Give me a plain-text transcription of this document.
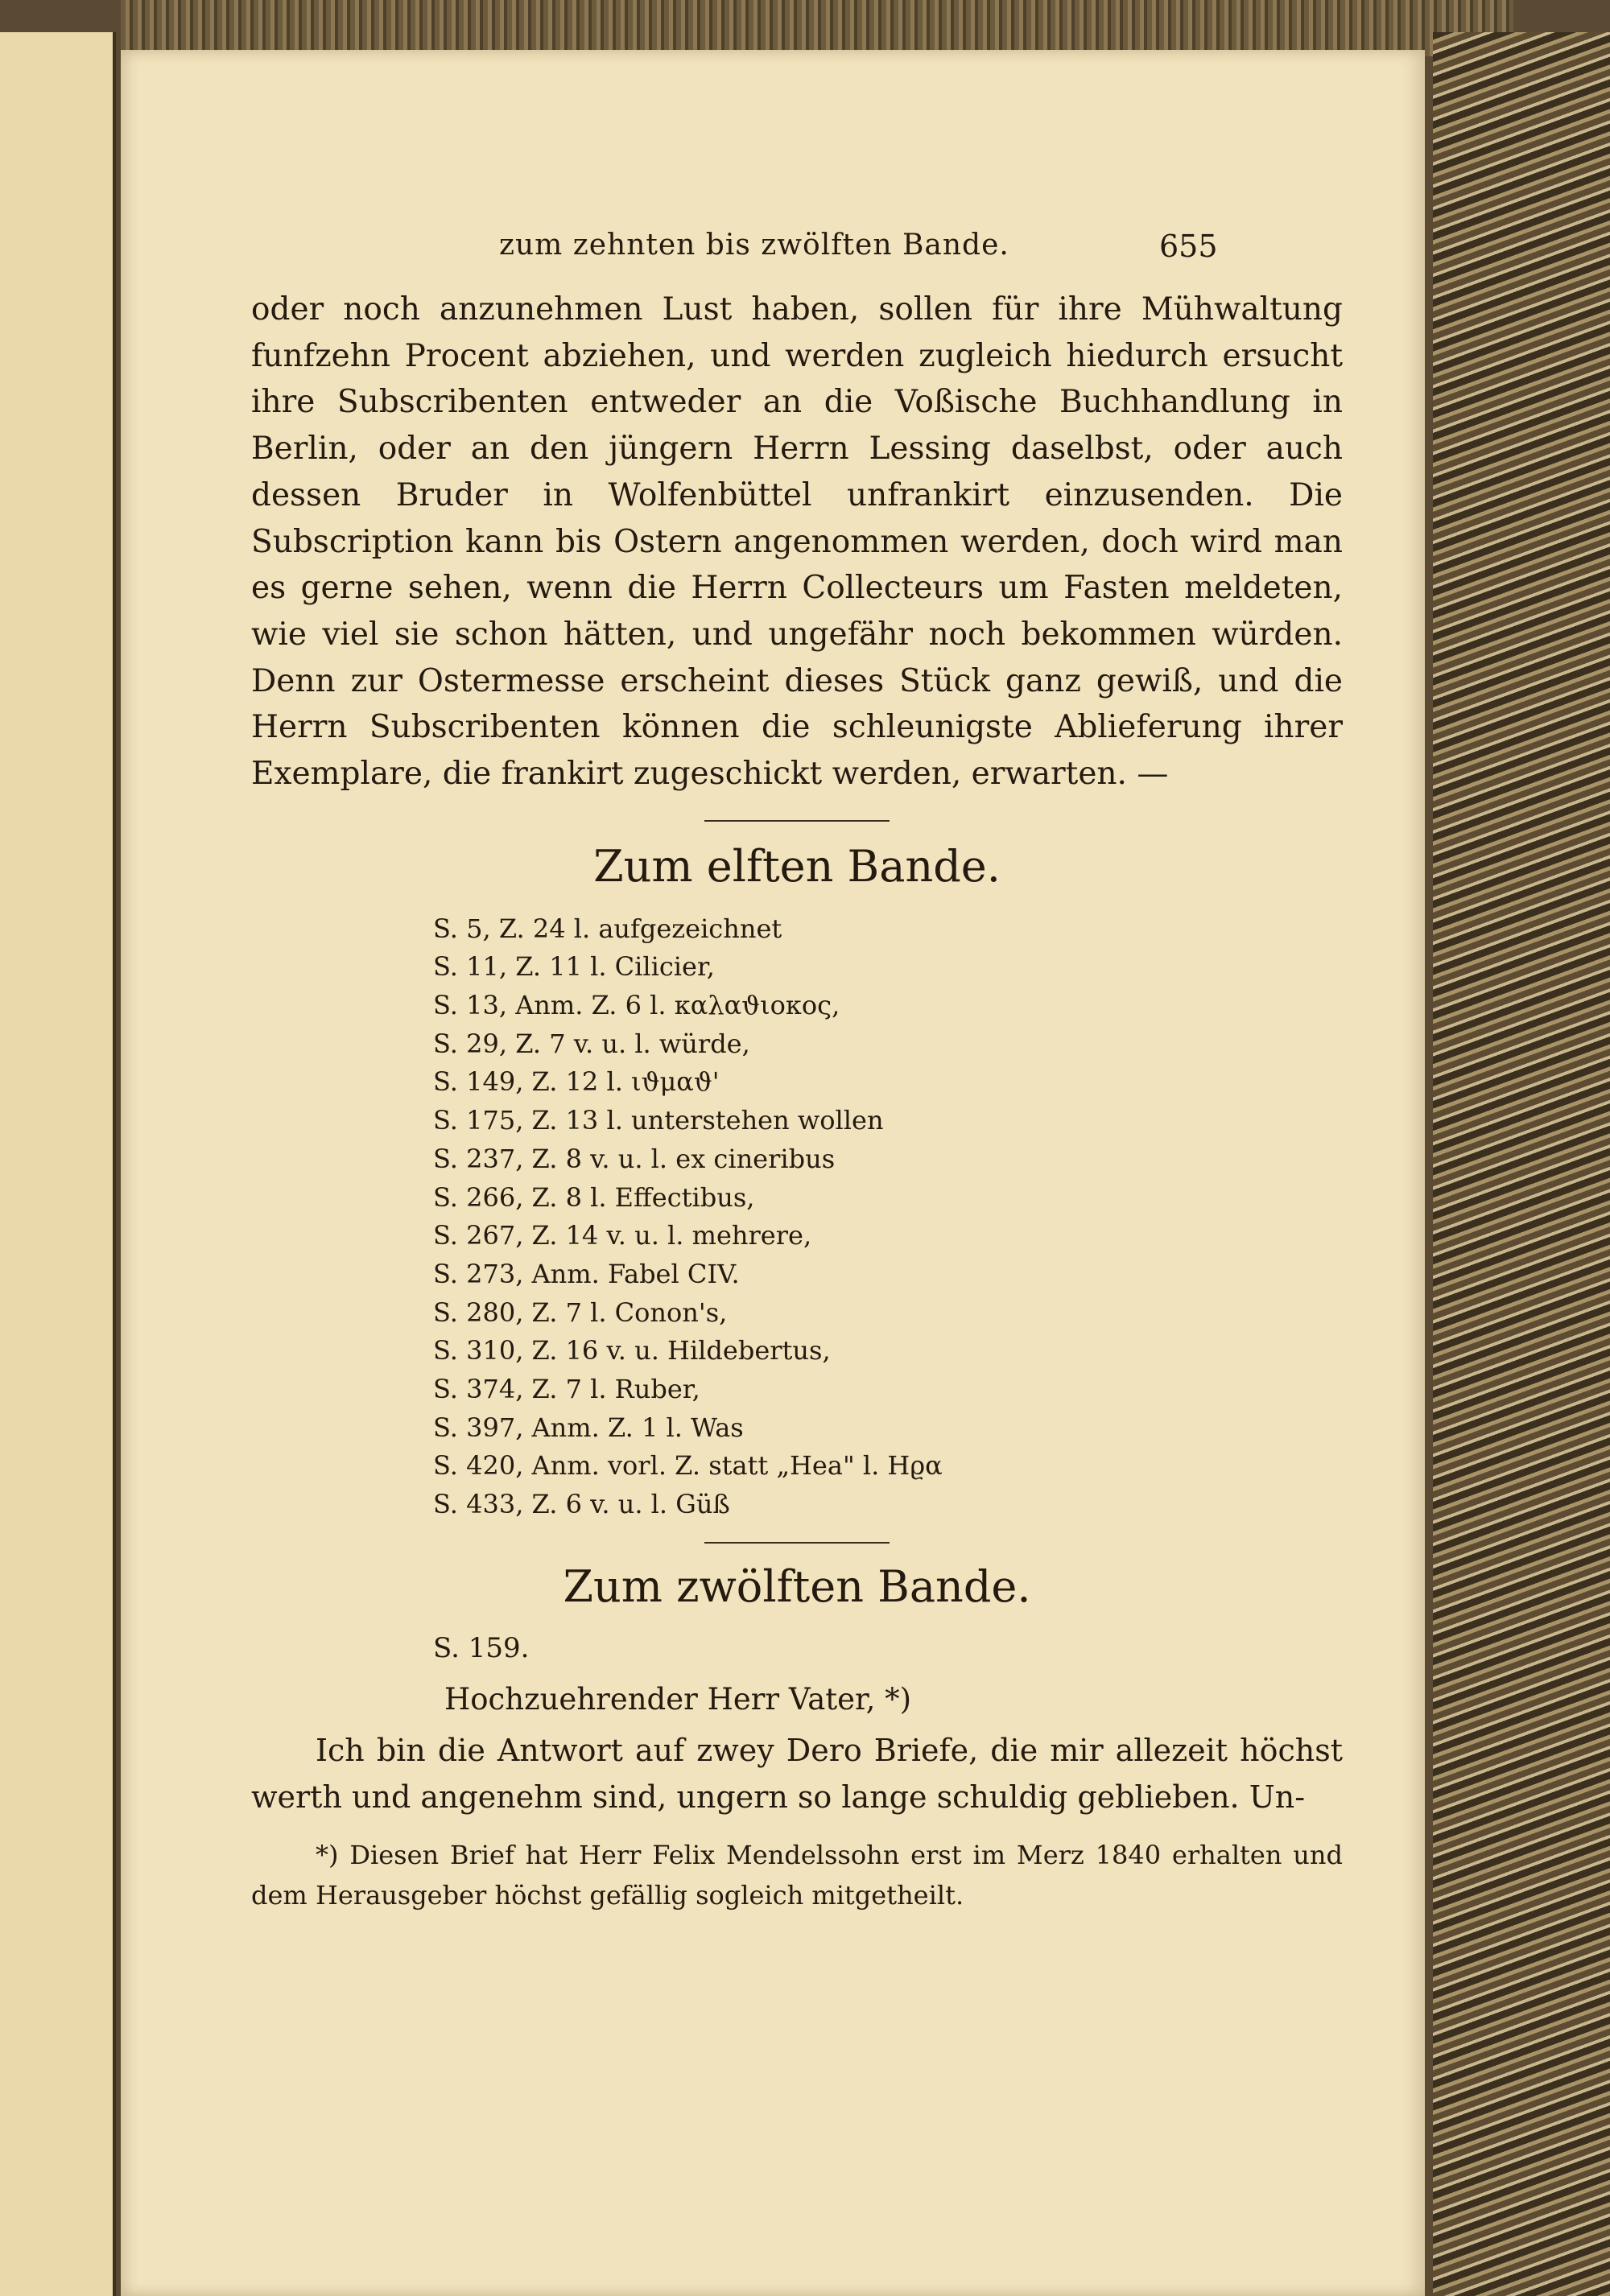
zum zehnten bis zwölften Bande.	655

oder noch anzunehmen Lust haben, sollen für ihre Mühwaltung funfzehn Procent abziehen, und werden zugleich hiedurch ersucht ihre Subscribenten entweder an die Voßische Buchhandlung in Berlin, oder an den jüngern Herrn Lessing daselbst, oder auch dessen Bruder in Wolfenbüttel unfrankirt einzusenden. Die Subscription kann bis Ostern angenommen werden, doch wird man es gerne sehen, wenn die Herrn Collecteurs um Fasten meldeten, wie viel sie schon hätten, und ungefähr noch bekommen würden. Denn zur Ostermesse erscheint dieses Stück ganz gewiß, und die Herrn Subscribenten können die schleunigste Ablieferung ihrer Exemplare, die frankirt zugeschickt werden, erwarten. —

Zum elften Bande.
S. 5, Z. 24 l. aufgezeichnet
S. 11, Z. 11 l. Cilicier,
S. 13, Anm. Z. 6 l. καλαϑιοκος,
S. 29, Z. 7 v. u. l. würde,
S. 149, Z. 12 l. ιϑμαϑ'
S. 175, Z. 13 l. unterstehen wollen
S. 237, Z. 8 v. u. l. ex cineribus
S. 266, Z. 8 l. Effectibus,
S. 267, Z. 14 v. u. l. mehrere,
S. 273, Anm. Fabel CIV.
S. 280, Z. 7 l. Conon's,
S. 310, Z. 16 v. u. Hildebertus,
S. 374, Z. 7 l. Ruber,
S. 397, Anm. Z. 1 l. Was
S. 420, Anm. vorl. Z. statt „Hea" l. Hϱα
S. 433, Z. 6 v. u. l. Güß
Zum zwölften Bande.
S. 159.

Hochzuehrender Herr Vater, *)

Ich bin die Antwort auf zwey Dero Briefe, die mir allezeit höchst werth und angenehm sind, ungern so lange schuldig geblieben. Un-

*) Diesen Brief hat Herr Felix Mendelssohn erst im Merz 1840 erhalten und dem Herausgeber höchst gefällig sogleich mitgetheilt.
